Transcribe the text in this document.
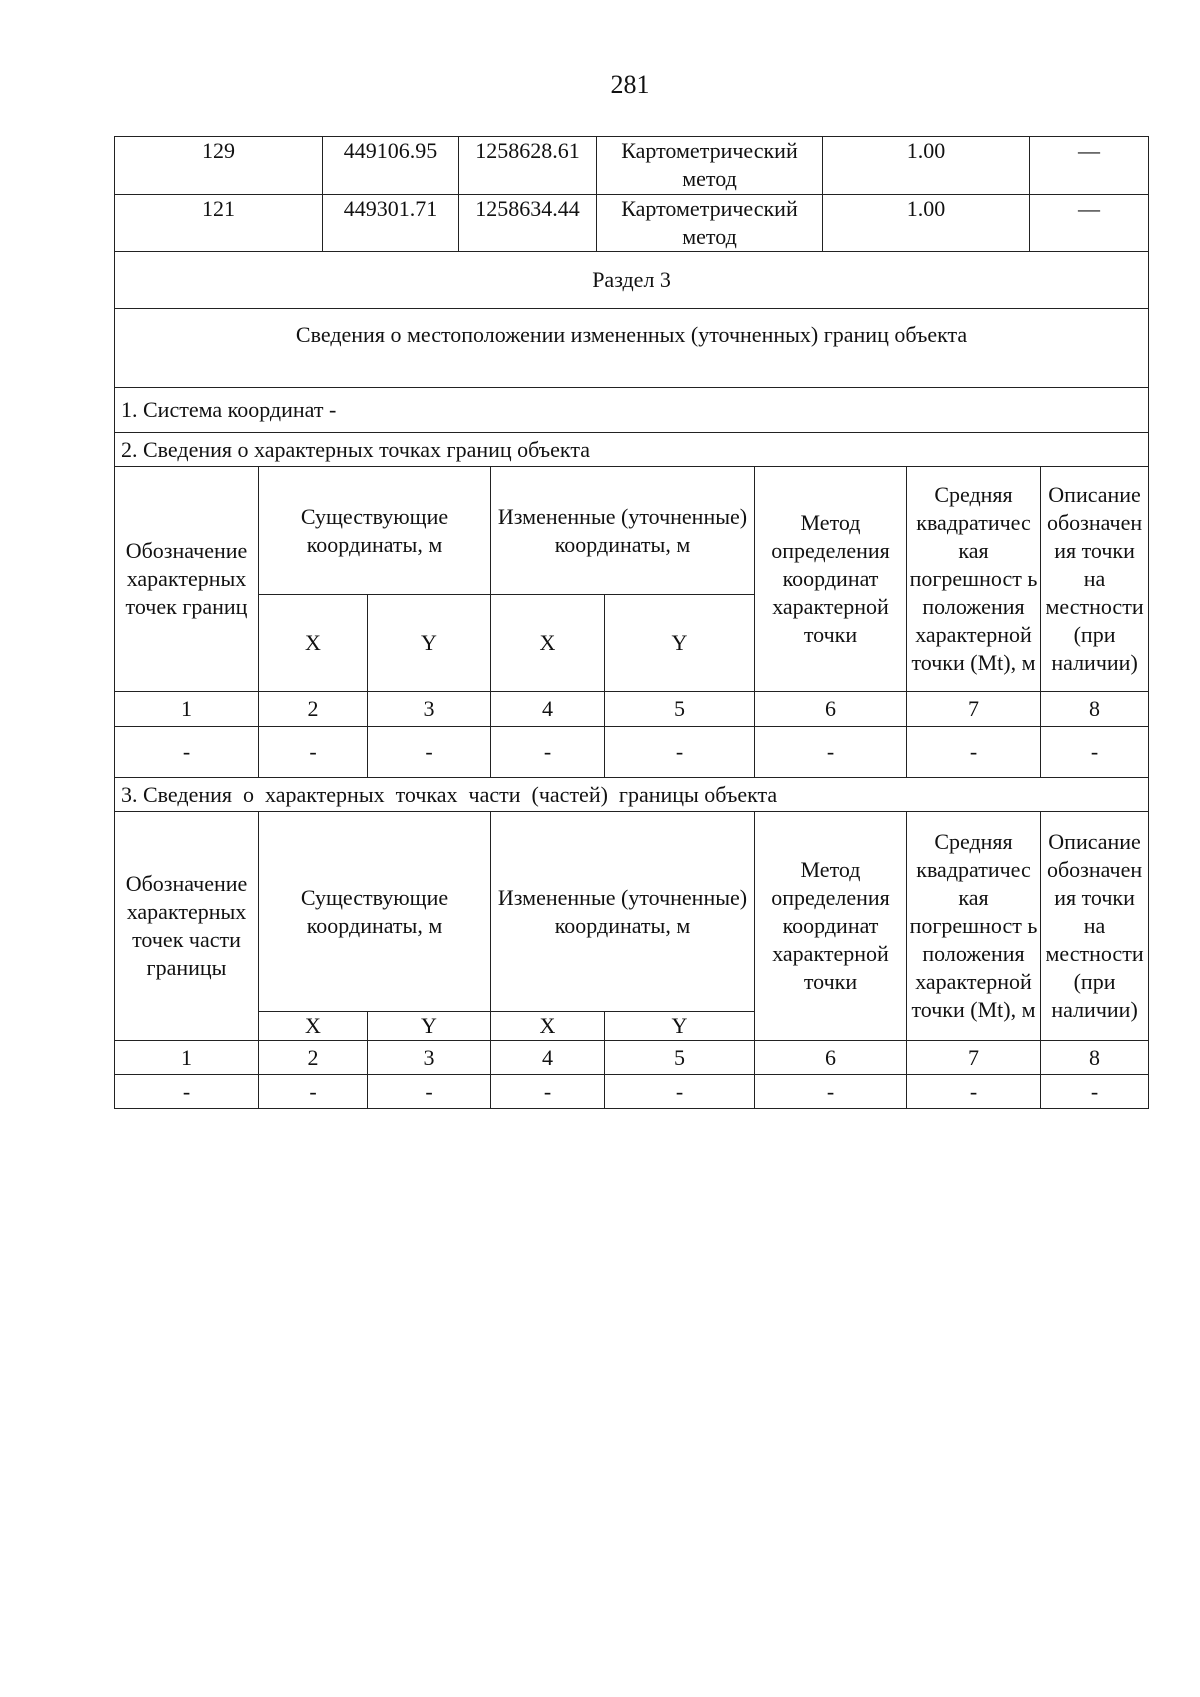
281
129	449106.95	1258628.61	Картометрический метод	1.00	—
121	449301.71	1258634.44	Картометрический метод	1.00	—
Раздел 3							
Сведения о местоположении измененных (уточненных) границ объекта							
1. Система координат -							
2. Сведения о характерных точках границ объекта							
Обозначение характерных точек границ	Существующие координаты, м		Измененные (уточненные) координаты, м		Метод определения координат характерной точки	Средняя квадратичес кая погрешност ь положения характерной точки (Mt), м	Описание обозначен ия точки на местности (при наличии)
	X	Y	X	Y			
1	2	3	4	5	6	7	8
-	-	-	-	-	-	-	-
3. Сведения  о  характерных  точках  части  (частей)  границы объекта							
Обозначение характерных точек части границы	Существующие координаты, м		Измененные (уточненные) координаты, м		Метод определения координат характерной точки	Средняя квадратичес кая погрешност ь положения характерной точки (Mt), м	Описание обозначен ия точки на местности (при наличии)
	X	Y	X	Y			
1	2	3	4	5	6	7	8
-	-	-	-	-	-	-	-
